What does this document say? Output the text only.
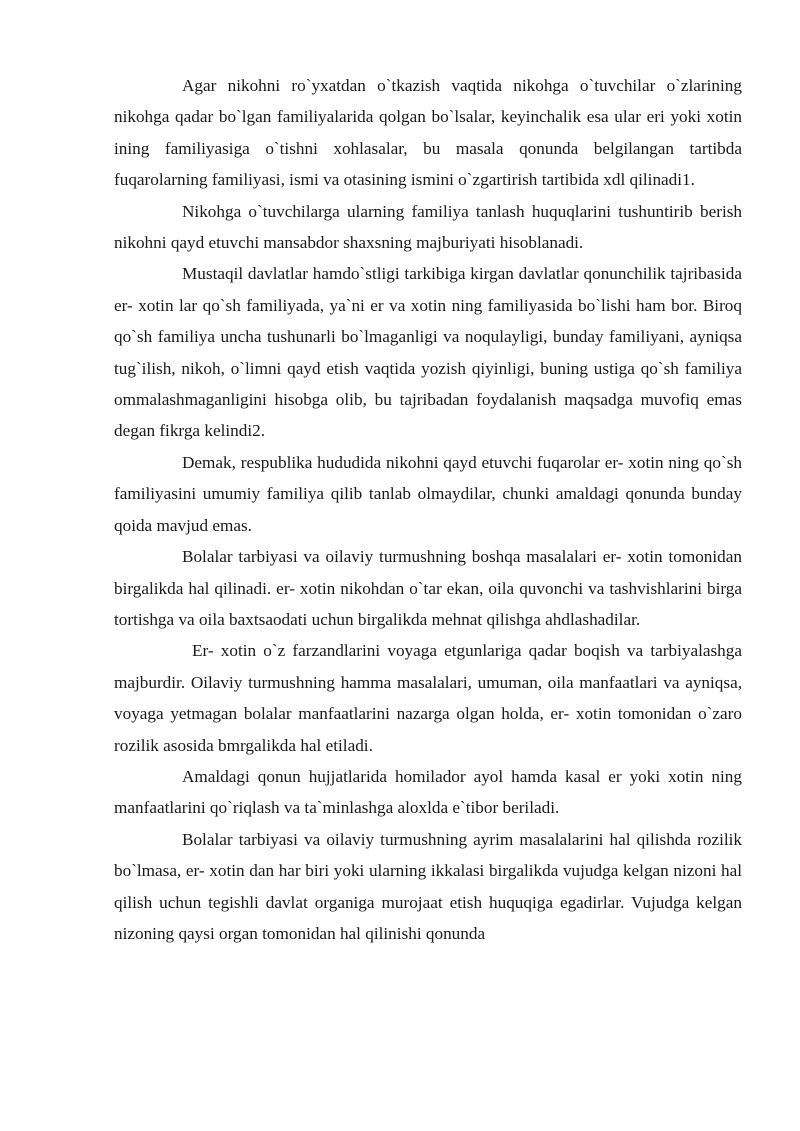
Agar nikohni ro`yxatdan o`tkazish vaqtida nikohga o`tuvchilar o`zlarining nikohga qadar bo`lgan familiyalarida qolgan bo`lsalar, keyinchalik esa ular eri yoki xotin ining familiyasiga o`tishni xohlasalar, bu masala qonunda belgilangan tartibda fuqarolarning familiyasi, ismi va otasining ismini o`zgartirish tartibida xdl qilinadi1.

Nikohga o`tuvchilarga ularning familiya tanlash huquqlarini tushuntirib berish nikohni qayd etuvchi mansabdor shaxsning majburiyati hisoblanadi.

Mustaqil davlatlar hamdo`stligi tarkibiga kirgan davlatlar qonunchilik tajribasida er- xotin lar qo`sh familiyada, ya`ni er va xotin ning familiyasida bo`lishi ham bor. Biroq qo`sh familiya uncha tushunarli bo`lmaganligi va noqulayligi, bunday familiyani, ayniqsa tug`ilish, nikoh, o`limni qayd etish vaqtida yozish qiyinligi, buning ustiga qo`sh familiya ommalashmaganligini hisobga olib, bu tajribadan foydalanish maqsadga muvofiq emas degan fikrga kelindi2.

Demak, respublika hududida nikohni qayd etuvchi fuqarolar er- xotin ning qo`sh familiyasini umumiy familiya qilib tanlab olmaydilar, chunki amaldagi qonunda bunday qoida mavjud emas.

Bolalar tarbiyasi va oilaviy turmushning boshqa masalalari er- xotin tomonidan birgalikda hal qilinadi. er- xotin nikohdan o`tar ekan, oila quvonchi va tashvishlarini birga tortishga va oila baxtsaodati uchun birgalikda mehnat qilishga ahdlashadilar.

Er- xotin o`z farzandlarini voyaga etgunlariga qadar boqish va tarbiyalashga majburdir. Oilaviy turmushning hamma masalalari, umuman, oila manfaatlari va ayniqsa, voyaga yetmagan bolalar manfaatlarini nazarga olgan holda, er- xotin tomonidan o`zaro rozilik asosida bmrgalikda hal etiladi.

Amaldagi qonun hujjatlarida homilador ayol hamda kasal er yoki xotin ning manfaatlarini qo`riqlash va ta`minlashga aloxlda e`tibor beriladi.

Bolalar tarbiyasi va oilaviy turmushning ayrim masalalarini hal qilishda rozilik bo`lmasa, er- xotin dan har biri yoki ularning ikkalasi birgalikda vujudga kelgan nizoni hal qilish uchun tegishli davlat organiga murojaat etish huquqiga egadirlar. Vujudga kelgan nizoning qaysi organ tomonidan hal qilinishi qonunda
